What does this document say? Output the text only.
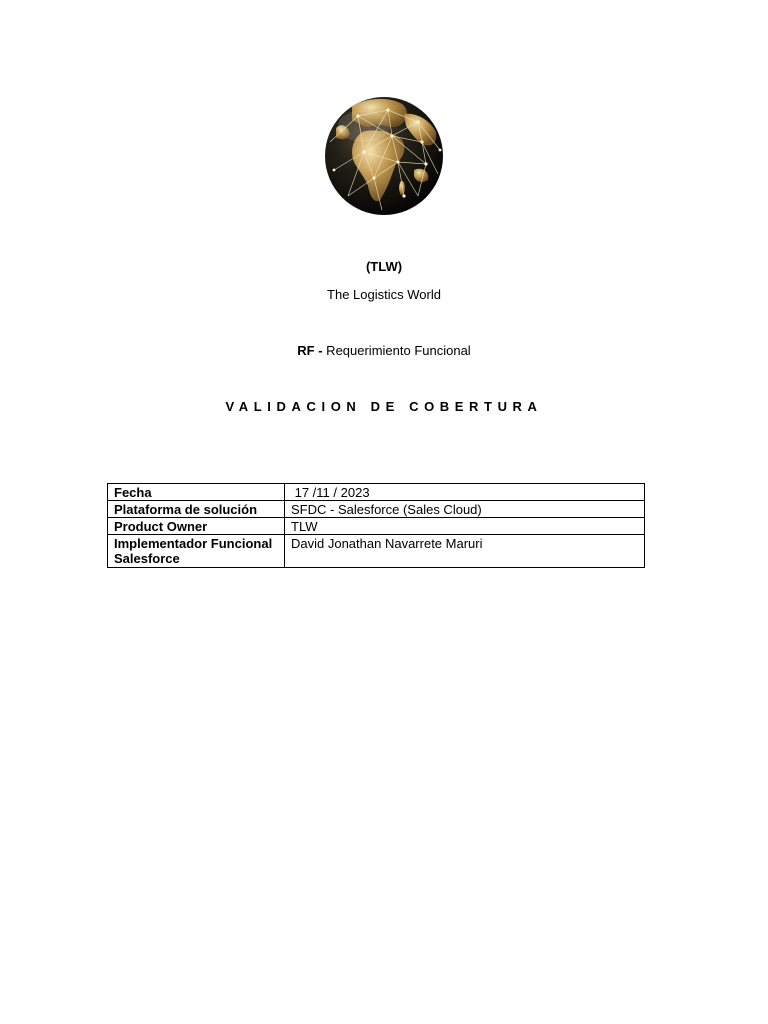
(TLW)
The Logistics World
RF - Requerimiento Funcional
VALIDACION DE COBERTURA
Fecha	17 /11 / 2023
Plataforma de solución	SFDC - Salesforce (Sales Cloud)
Product Owner	TLW
Implementador Funcional Salesforce	David Jonathan Navarrete Maruri
